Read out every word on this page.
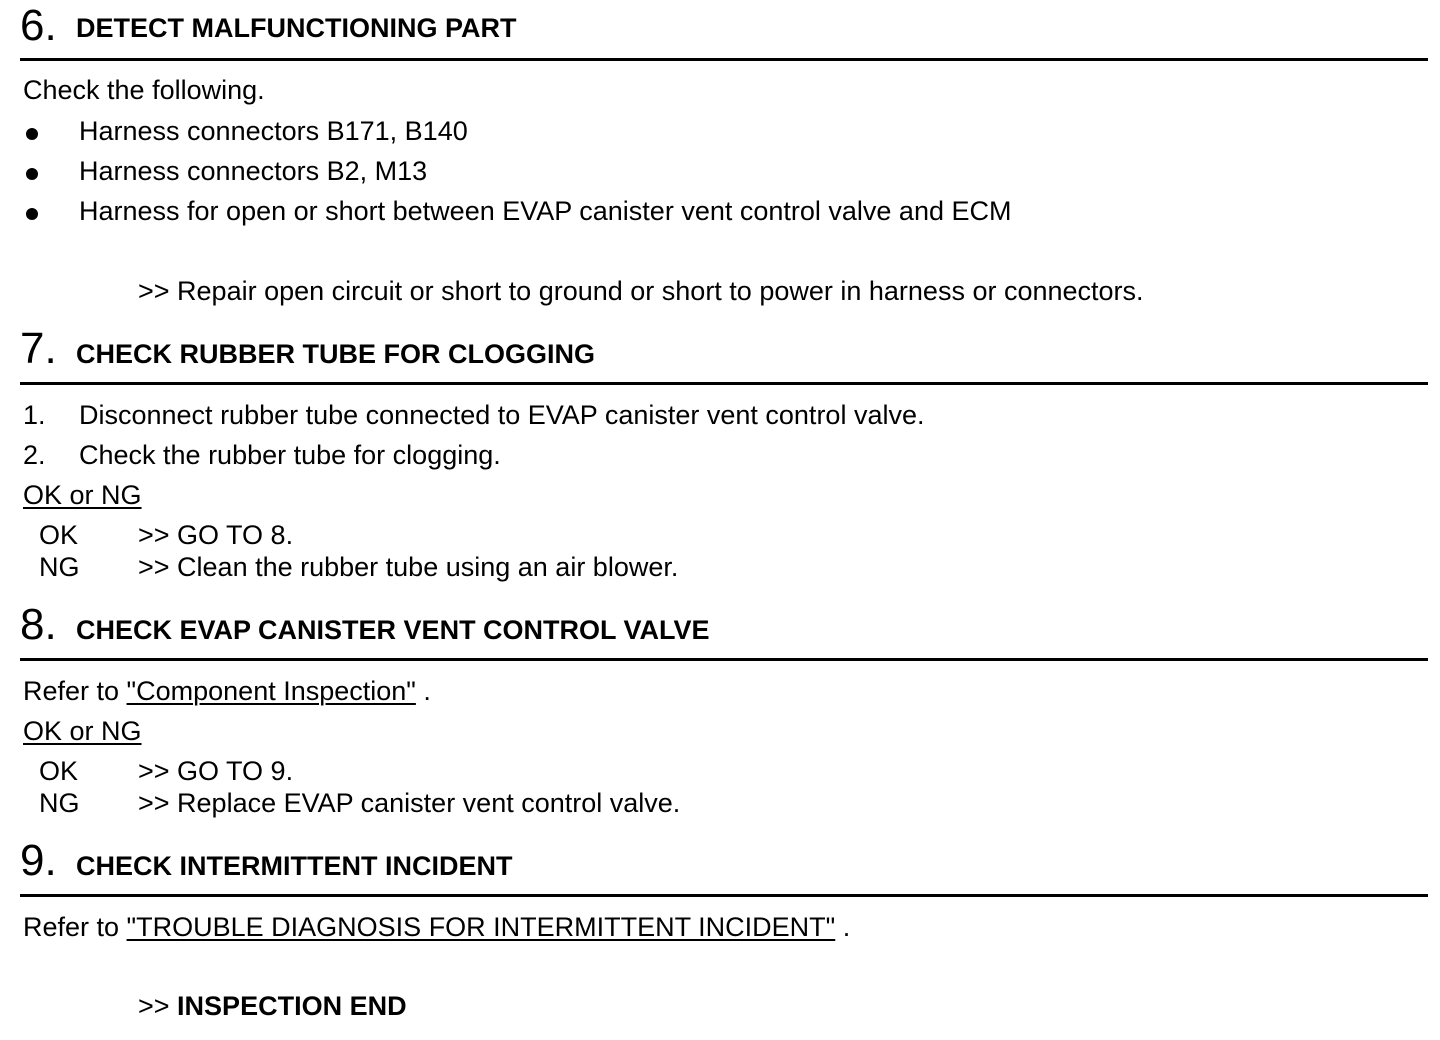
6. DETECT MALFUNCTIONING PART
Check the following.
Harness connectors B171, B140
Harness connectors B2, M13
Harness for open or short between EVAP canister vent control valve and ECM
>> Repair open circuit or short to ground or short to power in harness or connectors.
7. CHECK RUBBER TUBE FOR CLOGGING
1. Disconnect rubber tube connected to EVAP canister vent control valve.
2. Check the rubber tube for clogging.
OK or NG
OK >> GO TO 8.
NG >> Clean the rubber tube using an air blower.
8. CHECK EVAP CANISTER VENT CONTROL VALVE
Refer to "Component Inspection" .
OK or NG
OK >> GO TO 9.
NG >> Replace EVAP canister vent control valve.
9. CHECK INTERMITTENT INCIDENT
Refer to "TROUBLE DIAGNOSIS FOR INTERMITTENT INCIDENT" .
>> INSPECTION END
